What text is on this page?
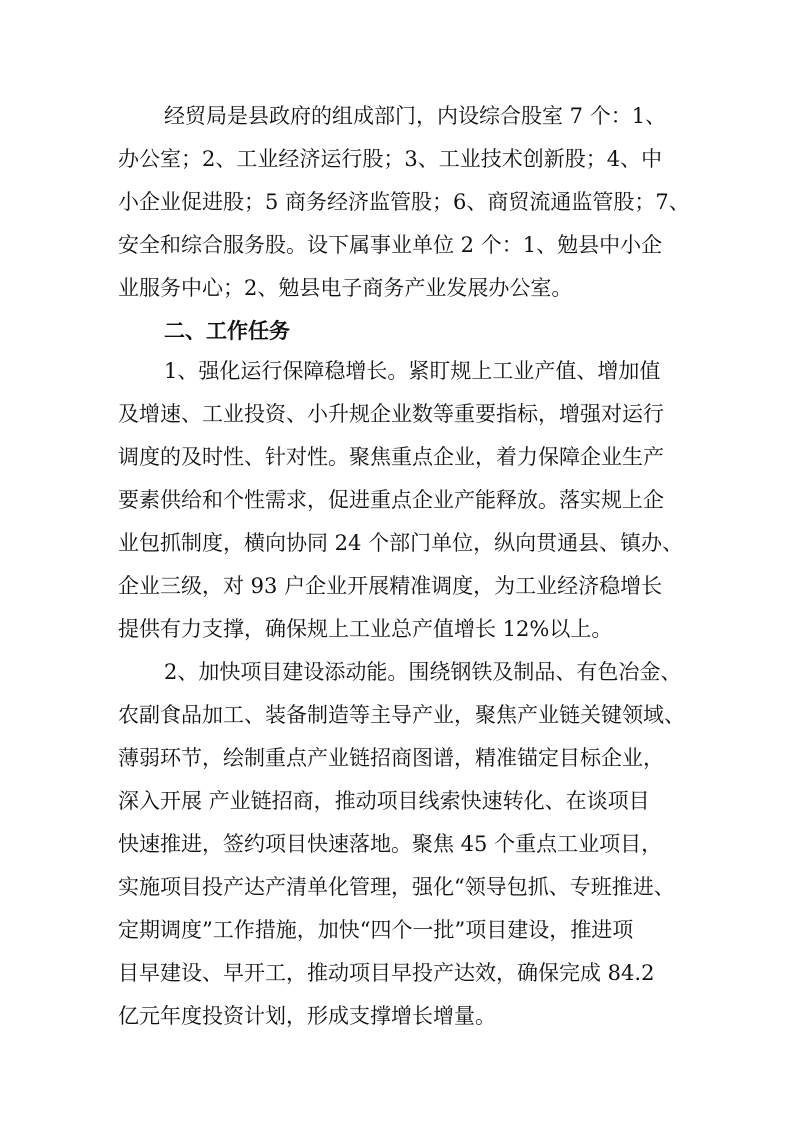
经贸局是县政府的组成部门，内设综合股室 7 个：1、

办公室；2、工业经济运行股；3、工业技术创新股；4、中

小企业促进股；5 商务经济监管股；6、商贸流通监管股；7、

安全和综合服务股。设下属事业单位 2 个：1、勉县中小企

业服务中心；2、勉县电子商务产业发展办公室。

二、工作任务

1、强化运行保障稳增长。紧盯规上工业产值、增加值

及增速、工业投资、小升规企业数等重要指标，增强对运行

调度的及时性、针对性。聚焦重点企业，着力保障企业生产

要素供给和个性需求，促进重点企业产能释放。落实规上企

业包抓制度，横向协同 24 个部门单位，纵向贯通县、镇办、

企业三级，对 93 户企业开展精准调度，为工业经济稳增长

提供有力支撑，确保规上工业总产值增长 12%以上。

2、加快项目建设添动能。围绕钢铁及制品、有色冶金、

农副食品加工、装备制造等主导产业，聚焦产业链关键领域、

薄弱环节，绘制重点产业链招商图谱，精准锚定目标企业，

深入开展 产业链招商，推动项目线索快速转化、在谈项目

快速推进，签约项目快速落地。聚焦 45 个重点工业项目，

实施项目投产达产清单化管理，强化“领导包抓、专班推进、

定期调度”工作措施，加快“四个一批”项目建设，推进项

目早建设、早开工，推动项目早投产达效，确保完成 84.2

亿元年度投资计划，形成支撑增长增量。
